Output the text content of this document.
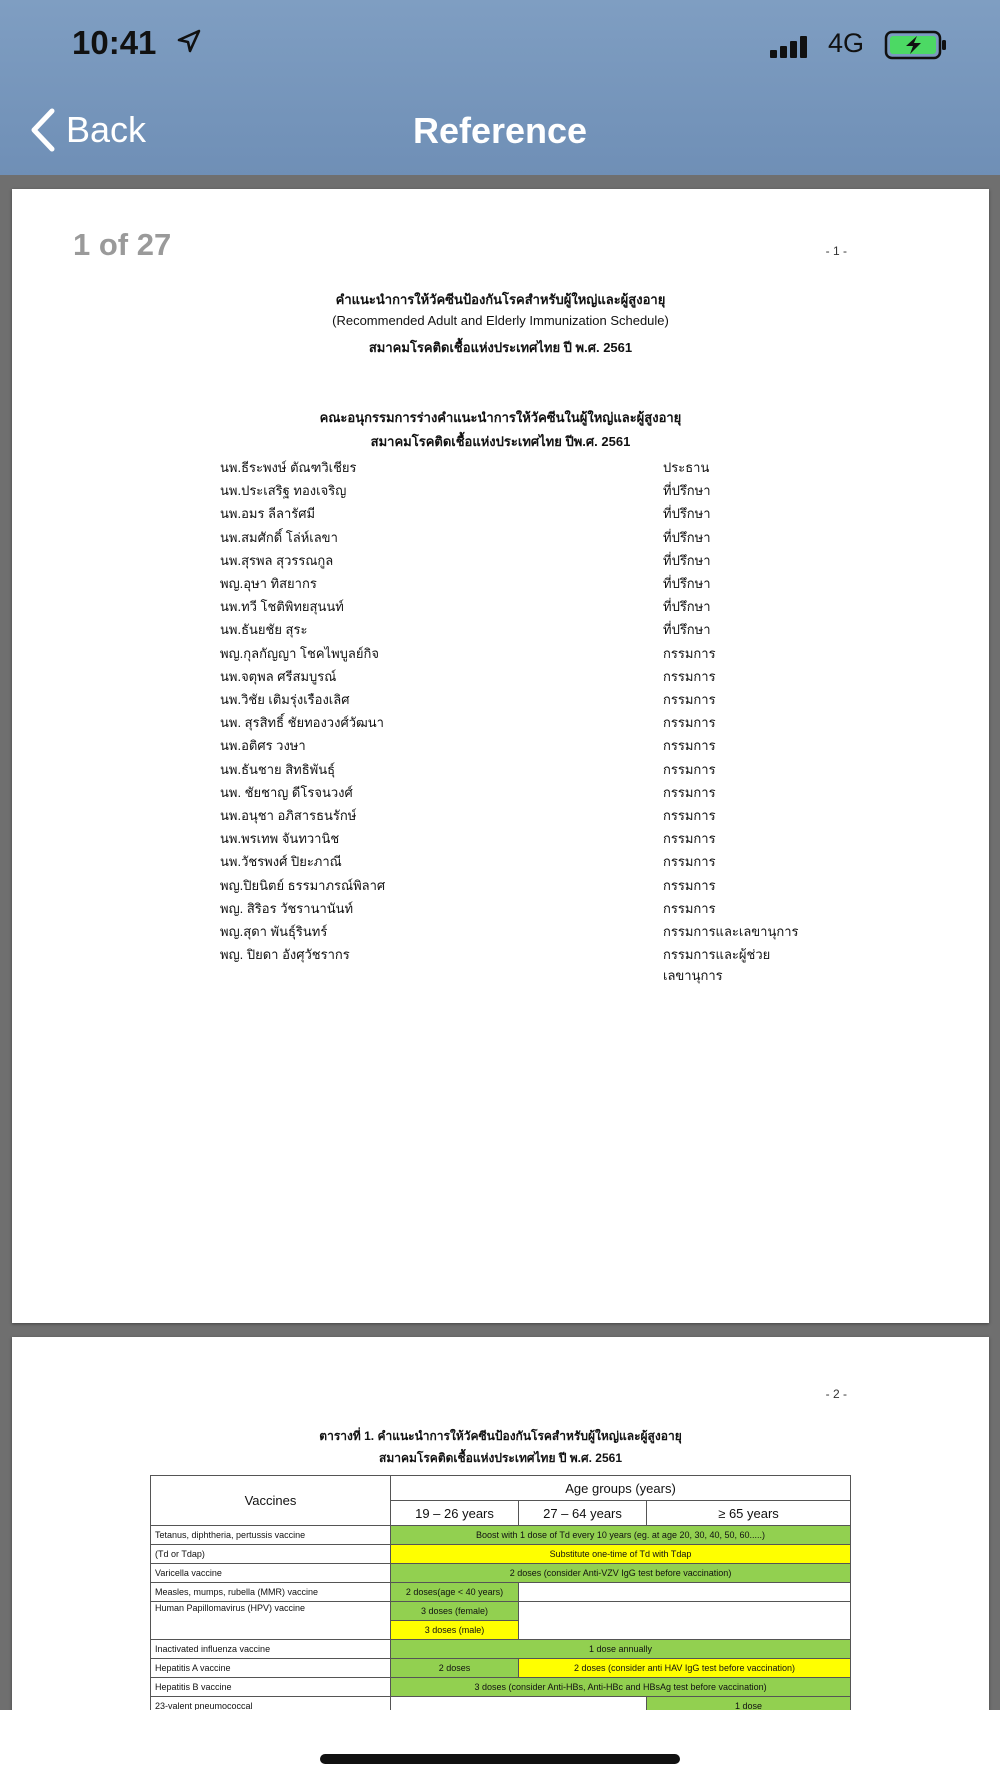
10:41	4G
Back	Reference
1 of 27	- 1 -
คำแนะนำการให้วัคซีนป้องกันโรคสำหรับผู้ใหญ่และผู้สูงอายุ
(Recommended Adult and Elderly Immunization Schedule)
สมาคมโรคติดเชื้อแห่งประเทศไทย ปี พ.ศ. 2561
คณะอนุกรรมการร่างคำแนะนำการให้วัคซีนในผู้ใหญ่และผู้สูงอายุ
สมาคมโรคติดเชื้อแห่งประเทศไทย ปีพ.ศ. 2561
นพ.ธีระพงษ์ ตัณฑวิเชียร	ประธาน
นพ.ประเสริฐ ทองเจริญ	ที่ปรึกษา
นพ.อมร ลีลารัศมี	ที่ปรึกษา
นพ.สมศักดิ์ โล่ห์เลขา	ที่ปรึกษา
นพ.สุรพล สุวรรณกูล	ที่ปรึกษา
พญ.อุษา ทิสยากร	ที่ปรึกษา
นพ.ทวี โชติพิทยสุนนท์	ที่ปรึกษา
นพ.ธันยชัย สุระ	ที่ปรึกษา
พญ.กุลกัญญา โชคไพบูลย์กิจ	กรรมการ
นพ.จตุพล ศรีสมบูรณ์	กรรมการ
นพ.วิชัย เติมรุ่งเรืองเลิศ	กรรมการ
นพ. สุรสิทธิ์ ชัยทองวงศ์วัฒนา	กรรมการ
นพ.อติศร วงษา	กรรมการ
นพ.ธันชาย สิทธิพันธุ์	กรรมการ
นพ. ชัยชาญ ดีโรจนวงศ์	กรรมการ
นพ.อนุชา อภิสารธนรักษ์	กรรมการ
นพ.พรเทพ จันทวานิช	กรรมการ
นพ.วัชรพงศ์ ปิยะภาณี	กรรมการ
พญ.ปิยนิตย์ ธรรมาภรณ์พิลาศ	กรรมการ
พญ. สิริอร วัชรานานันท์	กรรมการ
พญ.สุดา พันธุ์รินทร์	กรรมการและเลขานุการ
พญ. ปิยดา อังศุวัชรากร	กรรมการและผู้ช่วยเลขานุการ
- 2 -
ตารางที่ 1. คำแนะนำการให้วัคซีนป้องกันโรคสำหรับผู้ใหญ่และผู้สูงอายุ
สมาคมโรคติดเชื้อแห่งประเทศไทย ปี พ.ศ. 2561
Vaccines	Age groups (years)		
	19 – 26 years	27 – 64 years	≥ 65 years
Tetanus, diphtheria, pertussis vaccine	Boost with 1 dose of Td every 10 years (eg. at age 20, 30, 40, 50, 60.....)		
(Td or Tdap)	Substitute one-time of Td with Tdap		
Varicella vaccine	2 doses (consider Anti-VZV IgG test before vaccination)		
Measles, mumps, rubella (MMR) vaccine	2 doses(age < 40 years)		
Human Papillomavirus (HPV) vaccine	3 doses (female)		
	3 doses (male)		
Inactivated influenza vaccine	1 dose annually		
Hepatitis A vaccine	2 doses	2 doses (consider anti HAV IgG test before vaccination)	
Hepatitis B vaccine	3 doses (consider Anti-HBs, Anti-HBc and HBsAg test before vaccination)		
23-valent pneumococcal			1 dose
